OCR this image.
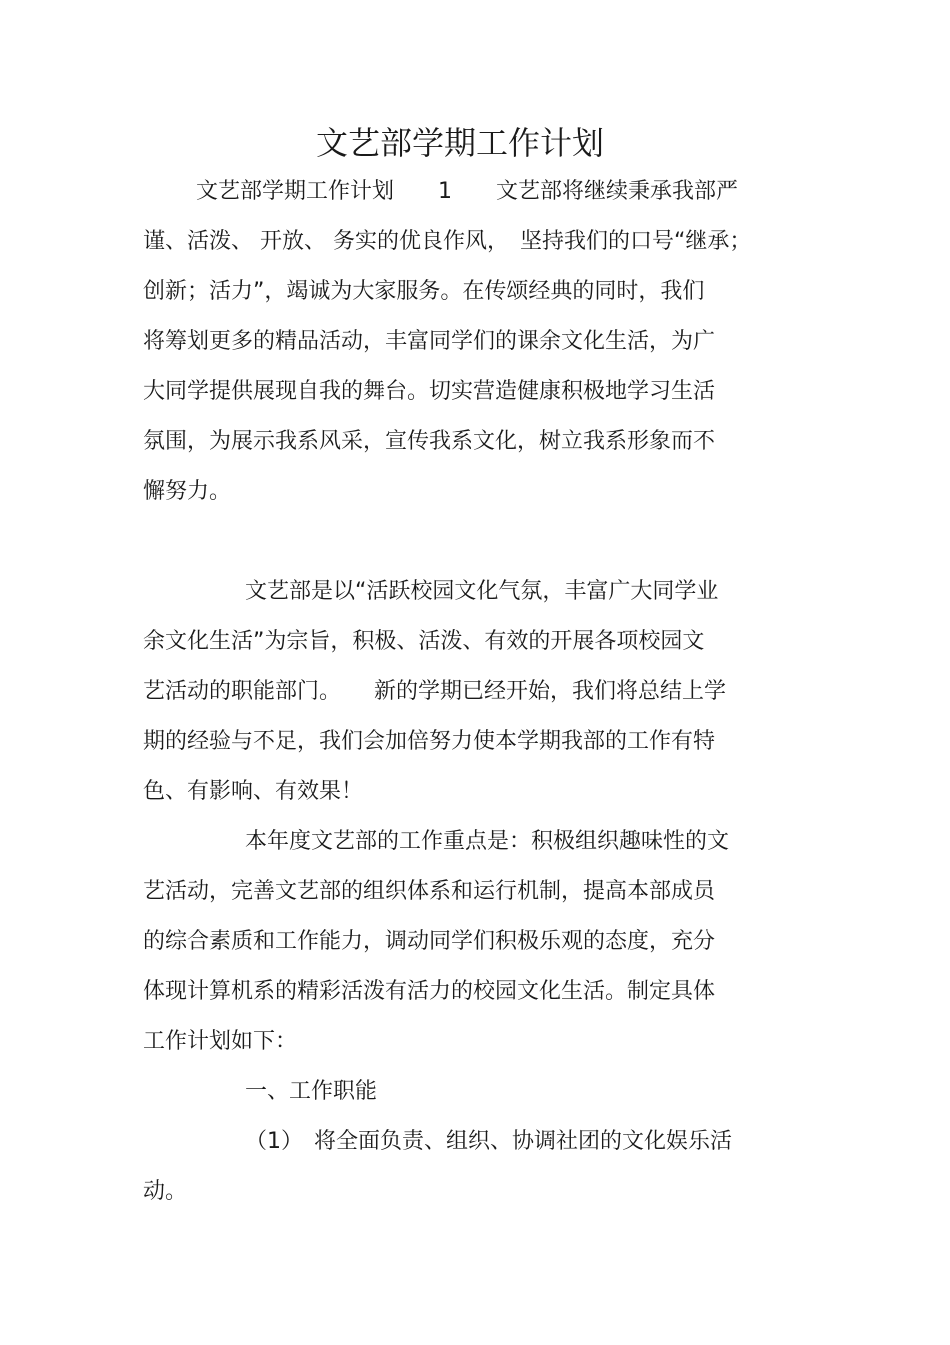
文艺部学期工作计划
文艺部学期工作计划　　1　　文艺部将继续秉承我部严
谨、活泼、 开放、 务实的优良作风，　坚持我们的口号“继承；
创新；活力”，竭诚为大家服务。在传颂经典的同时，我们
将筹划更多的精品活动，丰富同学们的课余文化生活，为广
大同学提供展现自我的舞台。切实营造健康积极地学习生活
氛围，为展示我系风采，宣传我系文化，树立我系形象而不
懈努力。
文艺部是以“活跃校园文化气氛，丰富广大同学业
余文化生活”为宗旨，积极、活泼、有效的开展各项校园文
艺活动的职能部门。　　新的学期已经开始，我们将总结上学
期的经验与不足，我们会加倍努力使本学期我部的工作有特
色、有影响、有效果！
本年度文艺部的工作重点是：积极组织趣味性的文
艺活动，完善文艺部的组织体系和运行机制，提高本部成员
的综合素质和工作能力，调动同学们积极乐观的态度，充分
体现计算机系的精彩活泼有活力的校园文化生活。制定具体
工作计划如下：
一、工作职能
（1）　将全面负责、组织、协调社团的文化娱乐活
动。
